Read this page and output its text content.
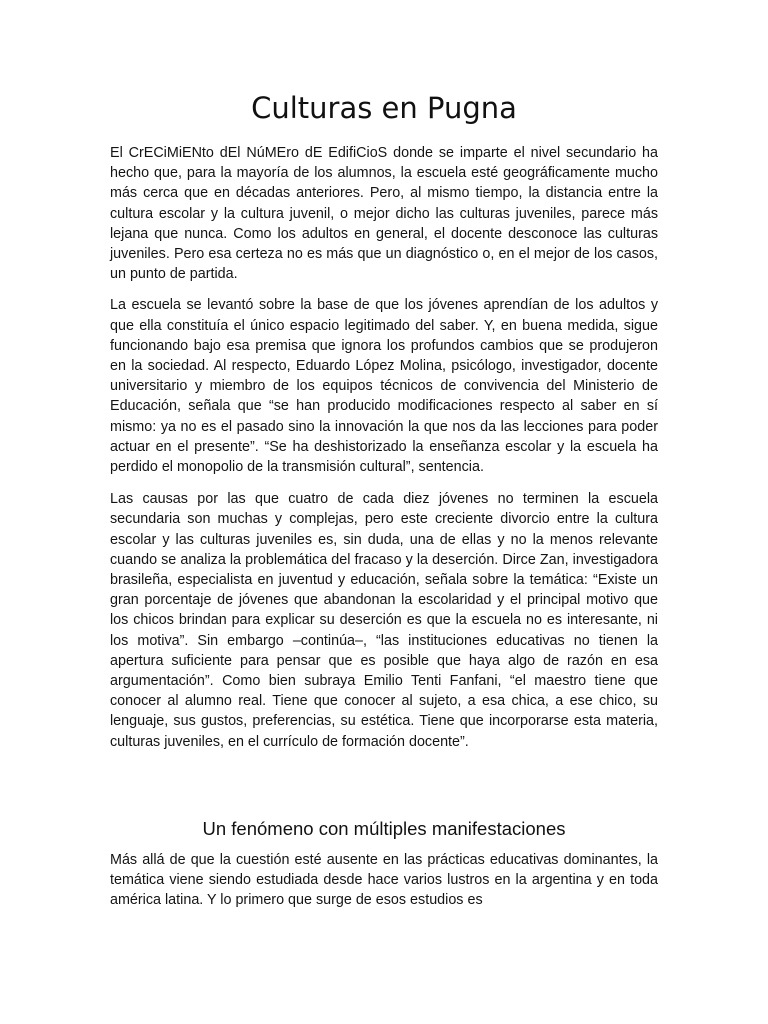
Culturas en Pugna

El CrECiMiENto dEl NúMEro dE EdifiCioS donde se imparte el nivel secundario ha hecho que, para la mayoría de los alumnos, la escuela esté geográficamente mucho más cerca que en décadas anteriores. Pero, al mismo tiempo, la distancia entre la cultura escolar y la cultura juvenil, o mejor dicho las culturas juveniles, parece más lejana que nunca. Como los adultos en general, el docente desconoce las culturas juveniles. Pero esa certeza no es más que un diagnóstico o, en el mejor de los casos, un punto de partida.

La escuela se levantó sobre la base de que los jóvenes aprendían de los adultos y que ella constituía el único espacio legitimado del saber. Y, en buena medida, sigue funcionando bajo esa premisa que ignora los profundos cambios que se produjeron en la sociedad. Al respecto, Eduardo López Molina, psicólogo, investigador, docente universitario y miembro de los equipos técnicos de convivencia del Ministerio de Educación, señala que “se han producido modificaciones respecto al saber en sí mismo: ya no es el pasado sino la innovación la que nos da las lecciones para poder actuar en el presente”. “Se ha deshistorizado la enseñanza escolar y la escuela ha perdido el monopolio de la transmisión cultural”, sentencia.

Las causas por las que cuatro de cada diez jóvenes no terminen la escuela secundaria son muchas y complejas, pero este creciente divorcio entre la cultura escolar y las culturas juveniles es, sin duda, una de ellas y no la menos relevante cuando se analiza la problemática del fracaso y la deserción. Dirce Zan, investigadora brasileña, especialista en juventud y educación, señala sobre la temática: “Existe un gran porcentaje de jóvenes que abandonan la escolaridad y el principal motivo que los chicos brindan para explicar su deserción es que la escuela no es interesante, ni los motiva”. Sin embargo –continúa–, “las instituciones educativas no tienen la apertura suficiente para pensar que es posible que haya algo de razón en esa argumentación”. Como bien subraya Emilio Tenti Fanfani, “el maestro tiene que conocer al alumno real. Tiene que conocer al sujeto, a esa chica, a ese chico, su lenguaje, sus gustos, preferencias, su estética. Tiene que incorporarse esta materia, culturas juveniles, en el currículo de formación docente”.

Un fenómeno con múltiples manifestaciones

Más allá de que la cuestión esté ausente en las prácticas educativas dominantes, la temática viene siendo estudiada desde hace varios lustros en la argentina y en toda américa latina. Y lo primero que surge de esos estudios es
